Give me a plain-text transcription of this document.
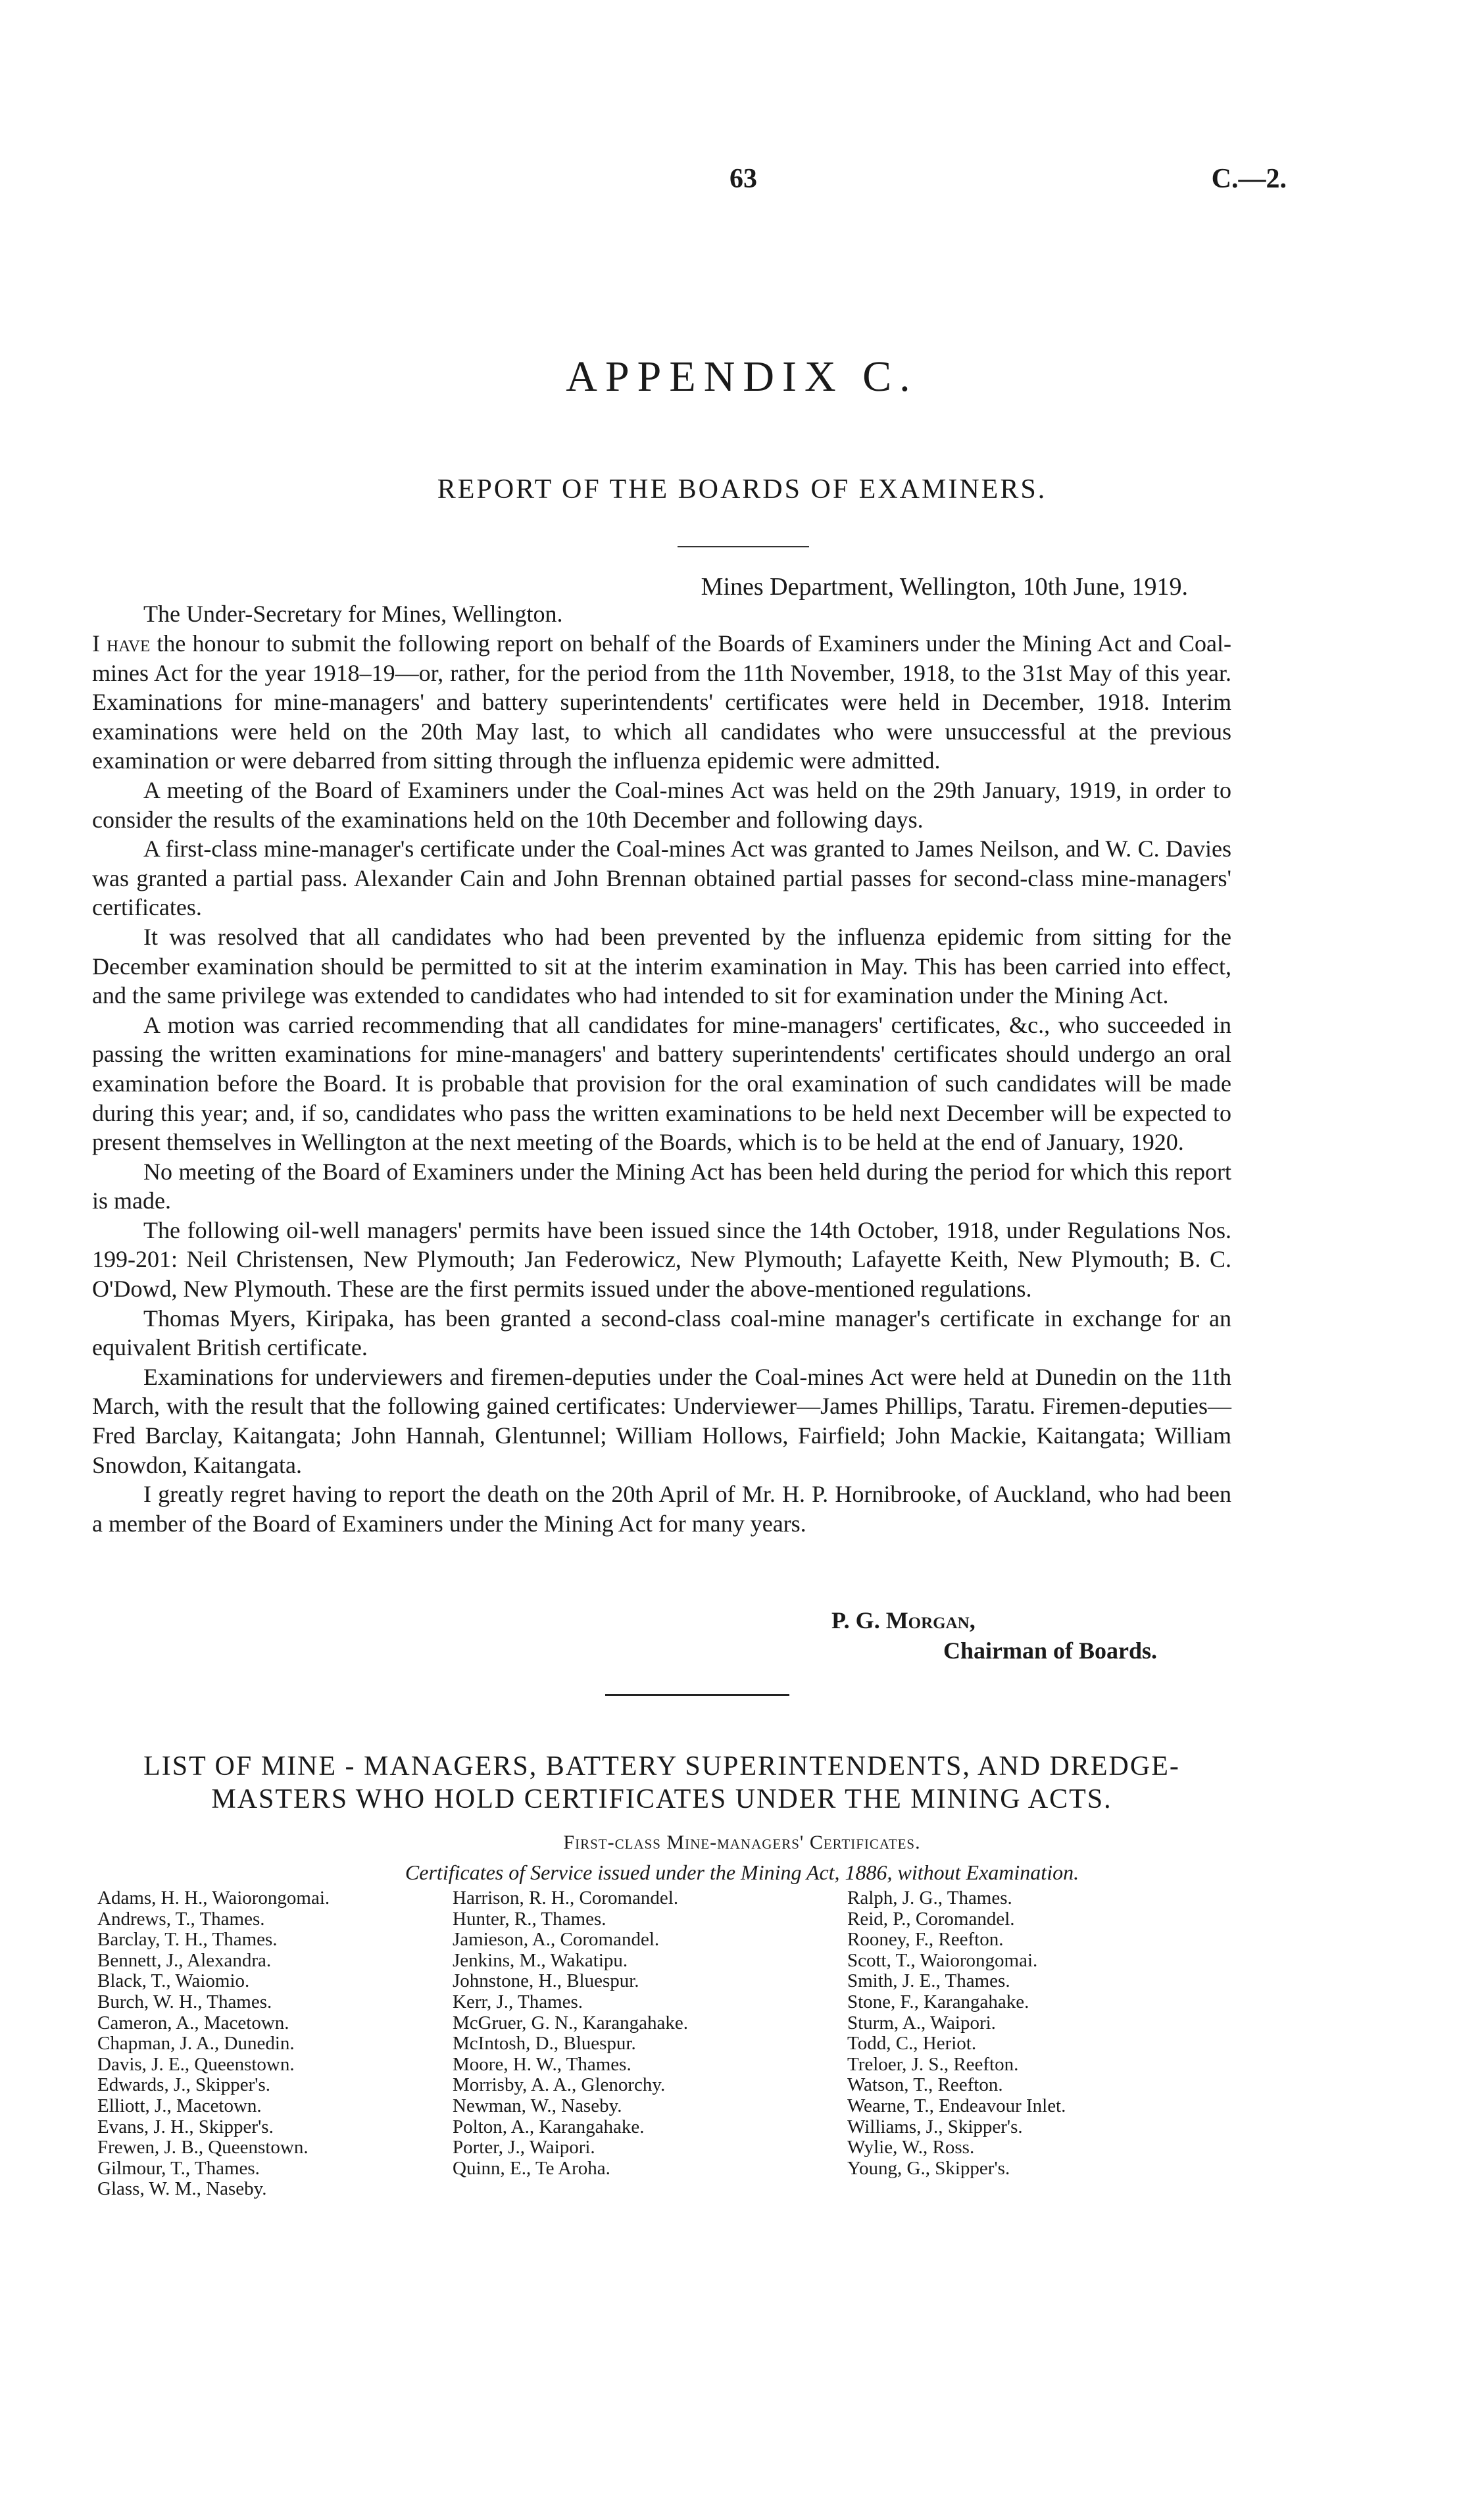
63	C.—2.
APPENDIX C.
REPORT OF THE BOARDS OF EXAMINERS.
Mines Department, Wellington, 10th June, 1919.
The Under-Secretary for Mines, Wellington.

I have the honour to submit the following report on behalf of the Boards of Examiners under the Mining Act and Coal-mines Act for the year 1918–19—or, rather, for the period from the 11th November, 1918, to the 31st May of this year. Examinations for mine-managers' and battery superintendents' certificates were held in December, 1918. Interim examinations were held on the 20th May last, to which all candidates who were unsuccessful at the previous examination or were debarred from sitting through the influenza epidemic were admitted.

A meeting of the Board of Examiners under the Coal-mines Act was held on the 29th January, 1919, in order to consider the results of the examinations held on the 10th December and following days.

A first-class mine-manager's certificate under the Coal-mines Act was granted to James Neilson, and W. C. Davies was granted a partial pass. Alexander Cain and John Brennan obtained partial passes for second-class mine-managers' certificates.

It was resolved that all candidates who had been prevented by the influenza epidemic from sitting for the December examination should be permitted to sit at the interim examination in May. This has been carried into effect, and the same privilege was extended to candidates who had intended to sit for examination under the Mining Act.

A motion was carried recommending that all candidates for mine-managers' certificates, &c., who succeeded in passing the written examinations for mine-managers' and battery superintendents' certificates should undergo an oral examination before the Board. It is probable that provision for the oral examination of such candidates will be made during this year; and, if so, candidates who pass the written examinations to be held next December will be expected to present themselves in Wellington at the next meeting of the Boards, which is to be held at the end of January, 1920.

No meeting of the Board of Examiners under the Mining Act has been held during the period for which this report is made.

The following oil-well managers' permits have been issued since the 14th October, 1918, under Regulations Nos. 199-201: Neil Christensen, New Plymouth; Jan Federowicz, New Plymouth; Lafayette Keith, New Plymouth; B. C. O'Dowd, New Plymouth. These are the first permits issued under the above-mentioned regulations.

Thomas Myers, Kiripaka, has been granted a second-class coal-mine manager's certificate in exchange for an equivalent British certificate.

Examinations for underviewers and firemen-deputies under the Coal-mines Act were held at Dunedin on the 11th March, with the result that the following gained certificates: Underviewer—James Phillips, Taratu. Firemen-deputies—Fred Barclay, Kaitangata; John Hannah, Glentunnel; William Hollows, Fairfield; John Mackie, Kaitangata; William Snowdon, Kaitangata.

I greatly regret having to report the death on the 20th April of Mr. H. P. Hornibrooke, of Auckland, who had been a member of the Board of Examiners under the Mining Act for many years.

P. G. Morgan,
Chairman of Boards.
LIST OF MINE - MANAGERS, BATTERY SUPERINTENDENTS, AND DREDGE-MASTERS WHO HOLD CERTIFICATES UNDER THE MINING ACTS.
First-class Mine-managers' Certificates.
Certificates of Service issued under the Mining Act, 1886, without Examination.
Adams, H. H., Waiorongomai.
Andrews, T., Thames.
Barclay, T. H., Thames.
Bennett, J., Alexandra.
Black, T., Waiomio.
Burch, W. H., Thames.
Cameron, A., Macetown.
Chapman, J. A., Dunedin.
Davis, J. E., Queenstown.
Edwards, J., Skipper's.
Elliott, J., Macetown.
Evans, J. H., Skipper's.
Frewen, J. B., Queenstown.
Gilmour, T., Thames.
Glass, W. M., Naseby.
Harrison, R. H., Coromandel.
Hunter, R., Thames.
Jamieson, A., Coromandel.
Jenkins, M., Wakatipu.
Johnstone, H., Bluespur.
Kerr, J., Thames.
McGruer, G. N., Karangahake.
McIntosh, D., Bluespur.
Moore, H. W., Thames.
Morrisby, A. A., Glenorchy.
Newman, W., Naseby.
Polton, A., Karangahake.
Porter, J., Waipori.
Quinn, E., Te Aroha.
Ralph, J. G., Thames.
Reid, P., Coromandel.
Rooney, F., Reefton.
Scott, T., Waiorongomai.
Smith, J. E., Thames.
Stone, F., Karangahake.
Sturm, A., Waipori.
Todd, C., Heriot.
Treloer, J. S., Reefton.
Watson, T., Reefton.
Wearne, T., Endeavour Inlet.
Williams, J., Skipper's.
Wylie, W., Ross.
Young, G., Skipper's.
